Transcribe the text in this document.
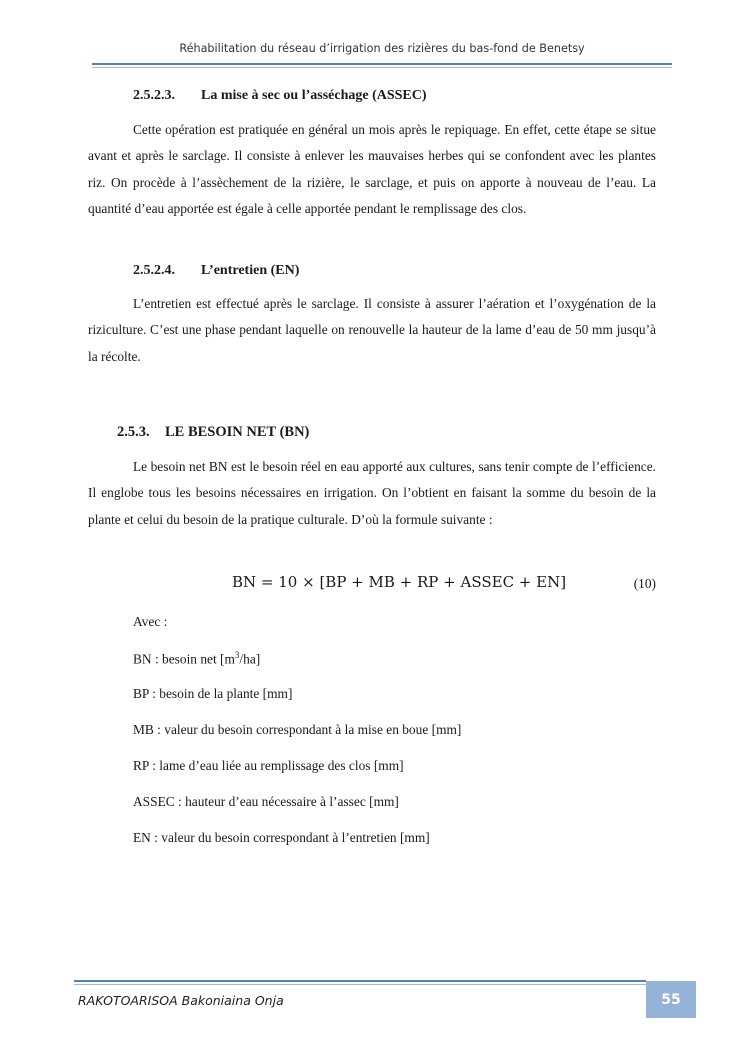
Réhabilitation du réseau d’irrigation des rizières du bas-fond de Benetsy
2.5.2.3. La mise à sec ou l’asséchage (ASSEC)

Cette opération est pratiquée en général un mois après le repiquage. En effet, cette étape se situe avant et après le sarclage. Il consiste à enlever les mauvaises herbes qui se confondent avec les plantes riz. On procède à l’assèchement de la rizière, le sarclage, et puis on apporte à nouveau de l’eau. La quantité d’eau apportée est égale à celle apportée pendant le remplissage des clos.

2.5.2.4. L’entretien (EN)

L’entretien est effectué après le sarclage. Il consiste à assurer l’aération et l’oxygénation de la riziculture. C’est une phase pendant laquelle on renouvelle la hauteur de la lame d’eau de 50 mm jusqu’à la récolte.

2.5.3. LE BESOIN NET (BN)

Le besoin net BN est le besoin réel en eau apporté aux cultures, sans tenir compte de l’efficience. Il englobe tous les besoins nécessaires en irrigation. On l’obtient en faisant la somme du besoin de la plante et celui du besoin de la pratique culturale. D’où la formule suivante :

BN = 10 × [BP + MB + RP + ASSEC + EN]	(10)
Avec :
BN : besoin net $[m^3/ha]$
BP : besoin de la plante [mm]
MB : valeur du besoin correspondant à la mise en boue [mm]
RP : lame d’eau liée au remplissage des clos [mm]
ASSEC : hauteur d’eau nécessaire à l’assec [mm]
EN : valeur du besoin correspondant à l’entretien [mm]
RAKOTOARISOA Bakoniaina Onja	55
